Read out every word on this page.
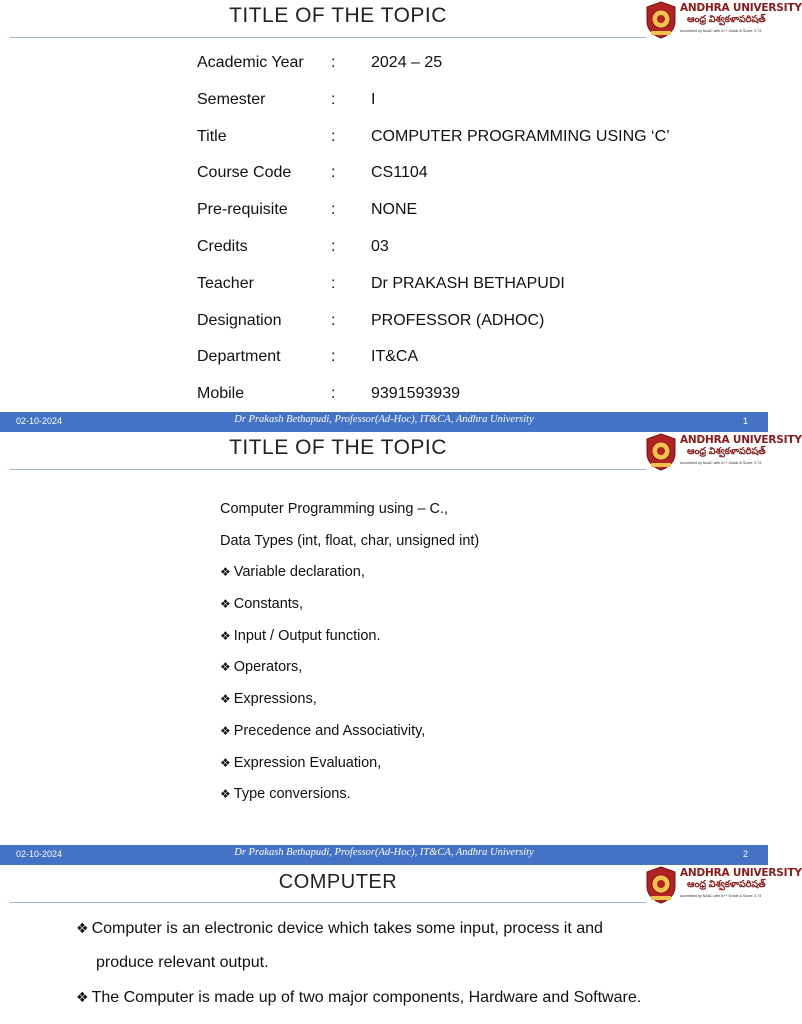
TITLE OF THE TOPIC	ANDHRA UNIVERSITY
ఆంధ్ర విశ్వకళాపరిషత్
Accredited by NAAC with A++ Grade & Score: 3.74
Academic Year : 2024 – 25
Semester	: I
Title	: COMPUTER PROGRAMMING USING ‘C’
Course Code : CS1104
Pre-requisite	: NONE
Credits	: 03
Teacher	: Dr PRAKASH BETHAPUDI
Designation	: PROFESSOR (ADHOC)
Department	: IT&CA
Mobile	: 9391593939
02-10-2024	Dr Prakash Bethapudi, Professor(Ad-Hoc), IT&CA, Andhra University	1
TITLE OF THE TOPIC	ANDHRA UNIVERSITY
ఆంధ్ర విశ్వకళాపరిషత్
Accredited by NAAC with A++ Grade & Score: 3.74
Computer Programming using – C.,
Data Types (int, float, char, unsigned int)
❖ Variable declaration,
❖ Constants,
❖ Input / Output function.
❖ Operators,
❖ Expressions,
❖ Precedence and Associativity,
❖ Expression Evaluation,
❖ Type conversions.
02-10-2024	Dr Prakash Bethapudi, Professor(Ad-Hoc), IT&CA, Andhra University	2
COMPUTER	ANDHRA UNIVERSITY
ఆంధ్ర విశ్వకళాపరిషత్
Accredited by NAAC with A++ Grade & Score: 3.74
❖ Computer is an electronic device which takes some input, process it and
produce relevant output.
❖ The Computer is made up of two major components, Hardware and Software.
